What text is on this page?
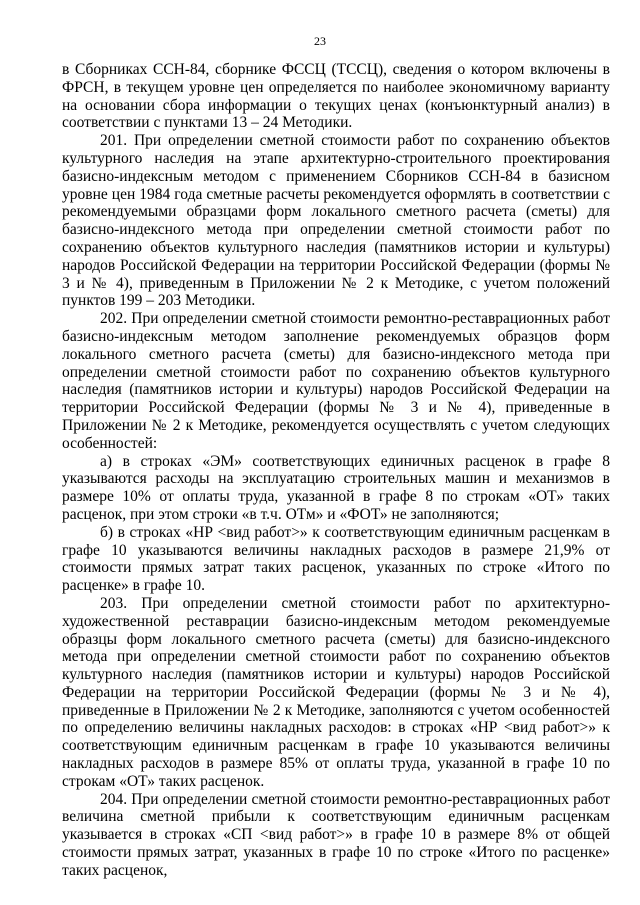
23

в Сборниках ССН-84, сборнике ФССЦ (ТССЦ), сведения о котором включены в ФРСН, в текущем уровне цен определяется по наиболее экономичному варианту на основании сбора информации о текущих ценах (конъюнктурный анализ) в соответствии с пунктами 13 – 24 Методики.

201. При определении сметной стоимости работ по сохранению объектов культурного наследия на этапе архитектурно-строительного проектирования базисно-индексным методом с применением Сборников ССН-84 в базисном уровне цен 1984 года сметные расчеты рекомендуется оформлять в соответствии с рекомендуемыми образцами форм локального сметного расчета (сметы) для базисно-индексного метода при определении сметной стоимости работ по сохранению объектов культурного наследия (памятников истории и культуры) народов Российской Федерации на территории Российской Федерации (формы № 3 и № 4), приведенным в Приложении № 2 к Методике, с учетом положений пунктов 199 – 203 Методики.

202. При определении сметной стоимости ремонтно-реставрационных работ базисно-индексным методом заполнение рекомендуемых образцов форм локального сметного расчета (сметы) для базисно-индексного метода при определении сметной стоимости работ по сохранению объектов культурного наследия (памятников истории и культуры) народов Российской Федерации на территории Российской Федерации (формы № 3 и № 4), приведенные в Приложении № 2 к Методике, рекомендуется осуществлять с учетом следующих особенностей:

а) в строках «ЭМ» соответствующих единичных расценок в графе 8 указываются расходы на эксплуатацию строительных машин и механизмов в размере 10% от оплаты труда, указанной в графе 8 по строкам «ОТ» таких расценок, при этом строки «в т.ч. ОТм» и «ФОТ» не заполняются;

б) в строках «НР <вид работ>» к соответствующим единичным расценкам в графе 10 указываются величины накладных расходов в размере 21,9% от стоимости прямых затрат таких расценок, указанных по строке «Итого по расценке» в графе 10.

203. При определении сметной стоимости работ по архитектурно-художественной реставрации базисно-индексным методом рекомендуемые образцы форм локального сметного расчета (сметы) для базисно-индексного метода при определении сметной стоимости работ по сохранению объектов культурного наследия (памятников истории и культуры) народов Российской Федерации на территории Российской Федерации (формы № 3 и № 4), приведенные в Приложении № 2 к Методике, заполняются с учетом особенностей по определению величины накладных расходов: в строках «НР <вид работ>» к соответствующим единичным расценкам в графе 10 указываются величины накладных расходов в размере 85% от оплаты труда, указанной в графе 10 по строкам «ОТ» таких расценок.

204. При определении сметной стоимости ремонтно-реставрационных работ величина сметной прибыли к соответствующим единичным расценкам указывается в строках «СП <вид работ>» в графе 10 в размере 8% от общей стоимости прямых затрат, указанных в графе 10 по строке «Итого по расценке» таких расценок,
